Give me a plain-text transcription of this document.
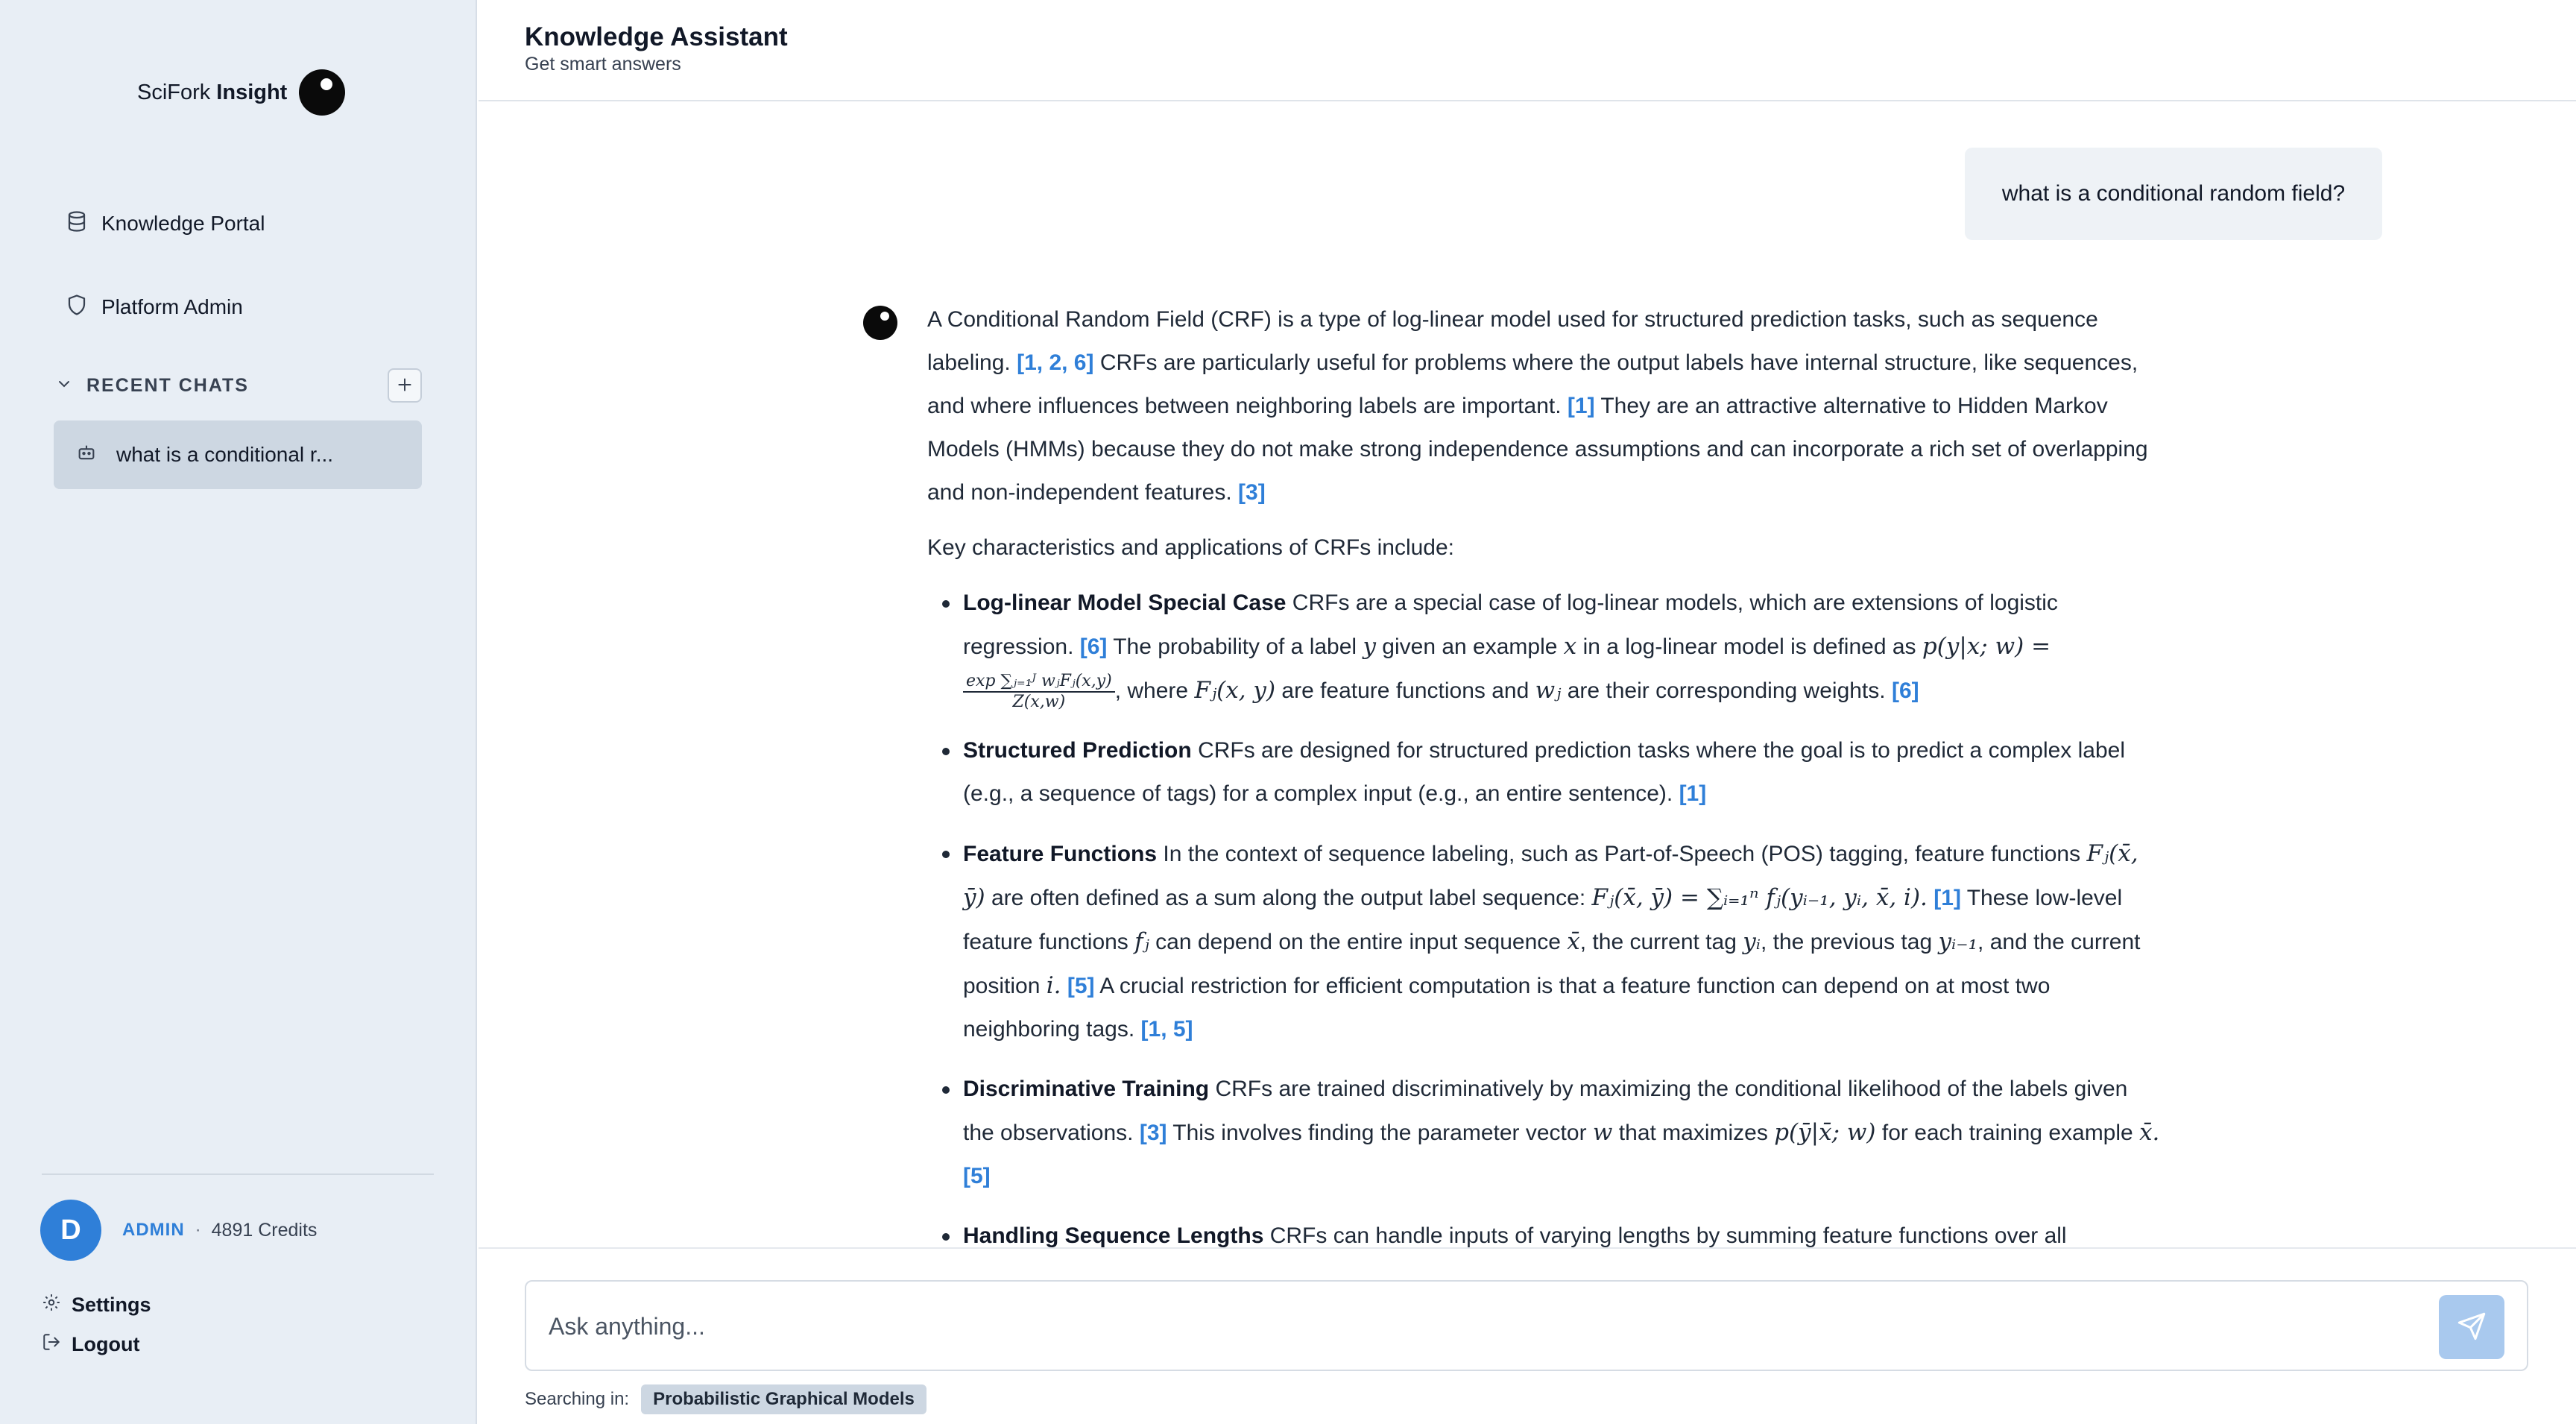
SciFork Insight
Knowledge Portal
Platform Admin
RECENT CHATS
what is a conditional r...
D	ADMIN · 4891 Credits
Settings
Logout
Knowledge Assistant
Get smart answers
what is a conditional random field?

A Conditional Random Field (CRF) is a type of log-linear model used for structured prediction tasks, such as sequence labeling. [1, 2, 6] CRFs are particularly useful for problems where the output labels have internal structure, like sequences, and where influences between neighboring labels are important. [1] They are an attractive alternative to Hidden Markov Models (HMMs) because they do not make strong independence assumptions and can incorporate a rich set of overlapping and non-independent features. [3]

Key characteristics and applications of CRFs include:

Log-linear Model Special Case CRFs are a special case of log-linear models, which are extensions of logistic regression. [6] The probability of a label y given an example x in a log-linear model is defined as p(y|x; w) =
$\frac{\text{exp ∑ⱼ₌₁ᴶ wⱼFⱼ(x,y)}}{Z(x,w)}$ , where Fⱼ(x, y) are feature functions and wⱼ are their corresponding weights. [6]
Structured Prediction CRFs are designed for structured prediction tasks where the goal is to predict a complex label (e.g., a sequence of tags) for a complex input (e.g., an entire sentence). [1]
Feature Functions In the context of sequence labeling, such as Part-of-Speech (POS) tagging, feature functions Fⱼ(x̄, ȳ) are often defined as a sum along the output label sequence: Fⱼ(x̄, ȳ) = ∑ᵢ₌₁ⁿ fⱼ(yᵢ₋₁, yᵢ, x̄, i). [1] These low-level feature functions fⱼ can depend on the entire input sequence x̄, the current tag yᵢ, the previous tag yᵢ₋₁, and the current position i. [5] A crucial restriction for efficient computation is that a feature function can depend on at most two neighboring tags. [1, 5]
Discriminative Training CRFs are trained discriminatively by maximizing the conditional likelihood of the labels given the observations. [3] This involves finding the parameter vector w that maximizes p(ȳ|x̄; w) for each training example x̄. [5]
Handling Sequence Lengths CRFs can handle inputs of varying lengths by summing feature functions over all
Ask anything...
Searching in:	Probabilistic Graphical Models
